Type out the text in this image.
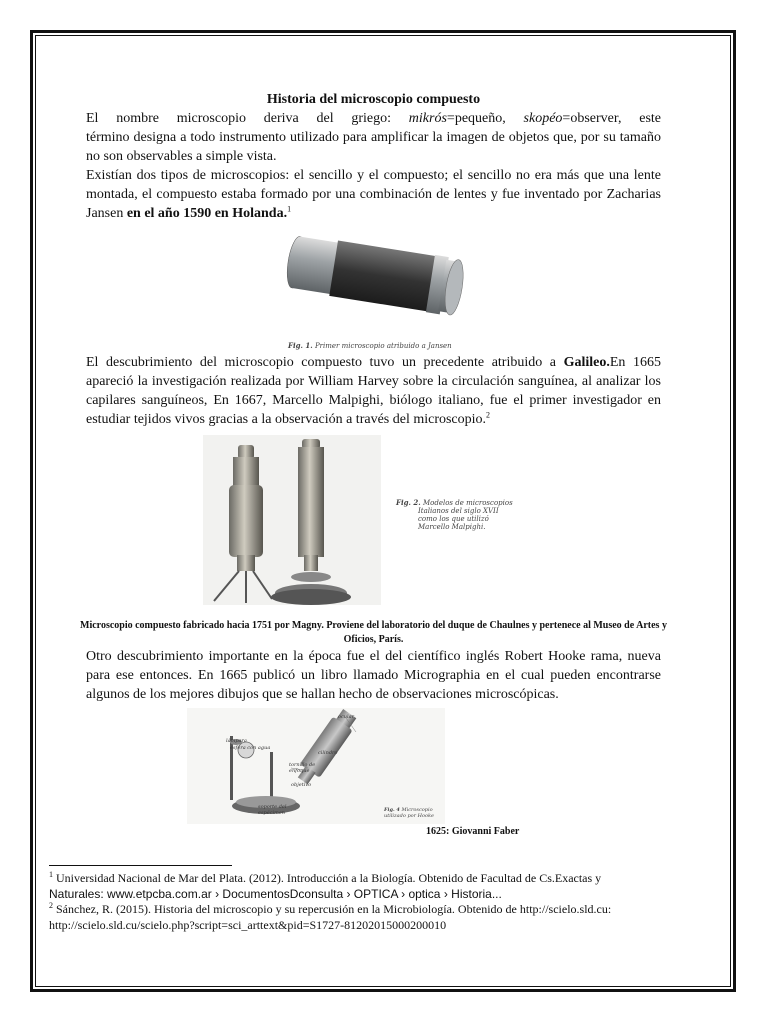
Historia del microscopio compuesto

El nombre microscopio deriva del griego: mikrós=pequeño, skopéo=observer, este
término designa a todo instrumento utilizado para amplificar la imagen de objetos que, por su tamaño no son observables a simple vista.

Existían dos tipos de microscopios: el sencillo y el compuesto; el sencillo no era más que una lente montada, el compuesto estaba formado por una combinación de lentes y fue inventado por Zacharias Jansen en el año 1590 en Holanda.$^1$

Fig. 1. Primer microscopio atribuido a Jansen

El descubrimiento del microscopio compuesto tuvo un precedente atribuido a Galileo.En 1665 apareció la investigación realizada por William Harvey sobre la circulación sanguínea, al analizar los capilares sanguíneos, En 1667, Marcello Malpighi, biólogo italiano, fue el primer investigador en estudiar tejidos vivos gracias a la observación a través del microscopio.$^2$

Fig. 2. Modelos de microscopios
Italianos del siglo XVII
como los que utilizó
Marcello Malpighi.

Microscopio compuesto fabricado hacia 1751 por Magny. Proviene del laboratorio del duque de Chaulnes y pertenece al Museo de Artes y Oficios, París.

Otro descubrimiento importante en la época fue el del científico inglés Robert Hooke rama, nueva para ese entonces. En 1665 publicó un libro llamado Micrographia en el cual pueden encontrarse algunos de los mejores dibujos que se hallan hecho de observaciones microscópicas.

ocular
lámpara
esfera con agua
cilindro
tornillo de enfoque
objetivo
soporte del espécimen	Fig. 4 Microscopio
utilizado por Hooke
1625: Giovanni Faber
$^1$ Universidad Nacional de Mar del Plata. (2012). Introducción a la Biología. Obtenido de Facultad de Cs.Exactas y
Naturales: www.etpcba.com.ar › DocumentosDconsulta › OPTICA › optica › Historia...
$^2$ Sánchez, R. (2015). Historia del microscopio y su repercusión en la Microbiología. Obtenido de http://scielo.sld.cu: http://scielo.sld.cu/scielo.php?script=sci_arttext&pid=S1727-81202015000200010
